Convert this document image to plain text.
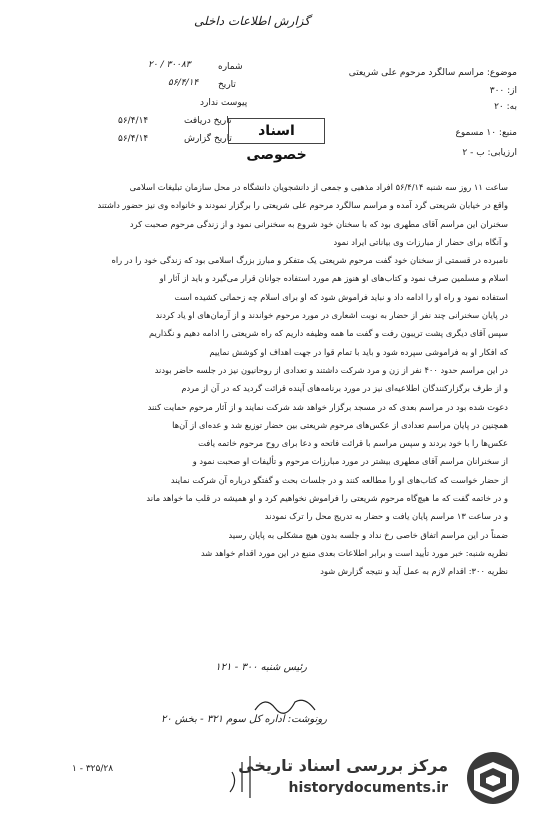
گزارش اطلاعات داخلی
موضوع: مراسم سالگرد مرحوم علی شریعتی
از: ۳۰۰
به: ۲۰
منبع: ۱۰ مسموع
ارزیابی: ب - ۲
شماره
۳۰۰۸۳ / ۲۰
تاریخ
۵۶/۴/۱۴
پیوست ندارد
۵۶/۴/۱۴	تاریخ دریافت
۵۶/۴/۱۴	تاریخ گزارش	اسناد خصوصی
ساعت ۱۱ روز سه شنبه ۵۶/۴/۱۴ افراد مذهبی و جمعی از دانشجویان دانشگاه در محل سازمان تبلیغات اسلامی
واقع در خیابان شریعتی گرد آمده و مراسم سالگرد مرحوم علی شریعتی را برگزار نمودند و خانواده وی نیز حضور داشتند
سخنران این مراسم آقای مطهری بود که با سخنان خود شروع به سخنرانی نمود و از زندگی مرحوم صحبت کرد
و آنگاه برای حضار از مبارزات وی بیاناتی ایراد نمود
نامبرده در قسمتی از سخنان خود گفت مرحوم شریعتی یک متفکر و مبارز بزرگ اسلامی بود که زندگی خود را در راه
اسلام و مسلمین صرف نمود و کتاب‌های او هنوز هم مورد استفاده جوانان قرار می‌گیرد و باید از آثار او
استفاده نمود و راه او را ادامه داد و نباید فراموش شود که او برای اسلام چه زحماتی کشیده است
در پایان سخنرانی چند نفر از حضار به نوبت اشعاری در مورد مرحوم خواندند و از آرمان‌های او یاد کردند
سپس آقای دیگری پشت تریبون رفت و گفت ما همه وظیفه داریم که راه شریعتی را ادامه دهیم و نگذاریم
که افکار او به فراموشی سپرده شود و باید با تمام قوا در جهت اهداف او کوشش نماییم
در این مراسم حدود ۴۰۰ نفر از زن و مرد شرکت داشتند و تعدادی از روحانیون نیز در جلسه حاضر بودند
و از طرف برگزارکنندگان اطلاعیه‌ای نیز در مورد برنامه‌های آینده قرائت گردید که در آن از مردم
دعوت شده بود در مراسم بعدی که در مسجد برگزار خواهد شد شرکت نمایند و از آثار مرحوم حمایت کنند
همچنین در پایان مراسم تعدادی از عکس‌های مرحوم شریعتی بین حضار توزیع شد و عده‌ای از آن‌ها
عکس‌ها را با خود بردند و سپس مراسم با قرائت فاتحه و دعا برای روح مرحوم خاتمه یافت
از سخنرانان مراسم آقای مطهری بیشتر در مورد مبارزات مرحوم و تألیفات او صحبت نمود و
از حضار خواست که کتاب‌های او را مطالعه کنند و در جلسات بحث و گفتگو درباره آن شرکت نمایند
و در خاتمه گفت که ما هیچ‌گاه مرحوم شریعتی را فراموش نخواهیم کرد و او همیشه در قلب ما خواهد ماند
و در ساعت ۱۳ مراسم پایان یافت و حضار به تدریج محل را ترک نمودند
ضمناً در این مراسم اتفاق خاصی رخ نداد و جلسه بدون هیچ مشکلی به پایان رسید
نظریه شنبه: خبر مورد تأیید است و برابر اطلاعات بعدی منبع در این مورد اقدام خواهد شد
نظریه ۳۰۰: اقدام لازم به عمل آید و نتیجه گزارش شود
رئیس شنبه ۳۰۰ - ۱۲۱
رونوشت: اداره کل سوم ۳۲۱ - بخش ۲۰
۳۲۵/۲۸ - ۱	مرکز بررسی اسناد تاریخی
historydocuments.ir
